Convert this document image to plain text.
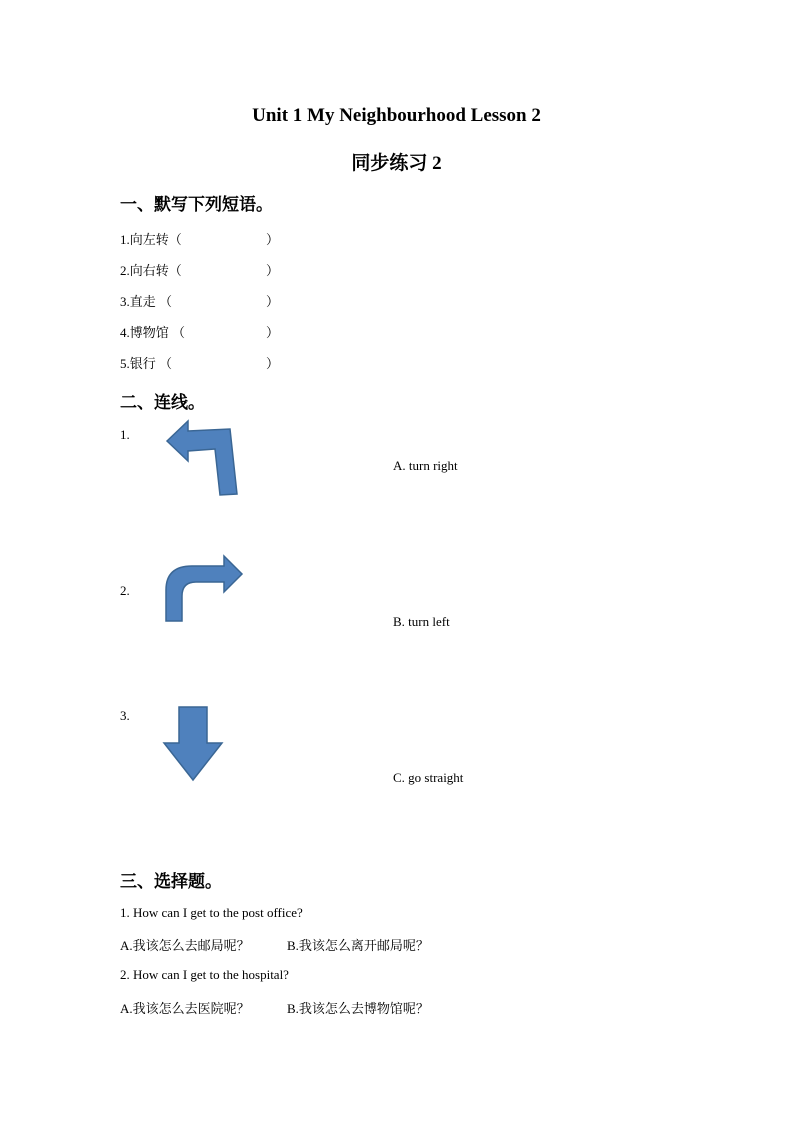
Unit 1 My Neighbourhood Lesson 2
同步练习 2
一、默写下列短语。
1.向左转（	）
2.向右转（	）
3.直走 （	）
4.博物馆 （	）
5.银行 （	）
二、连线。
1.
2.
3.
A. turn right
B. turn left
C. go straight
三、选择题。
1. How can I get to the post office?
A.我该怎么去邮局呢？	B.我该怎么离开邮局呢？
2. How can I get to the hospital?
A.我该怎么去医院呢？	B.我该怎么去博物馆呢？
